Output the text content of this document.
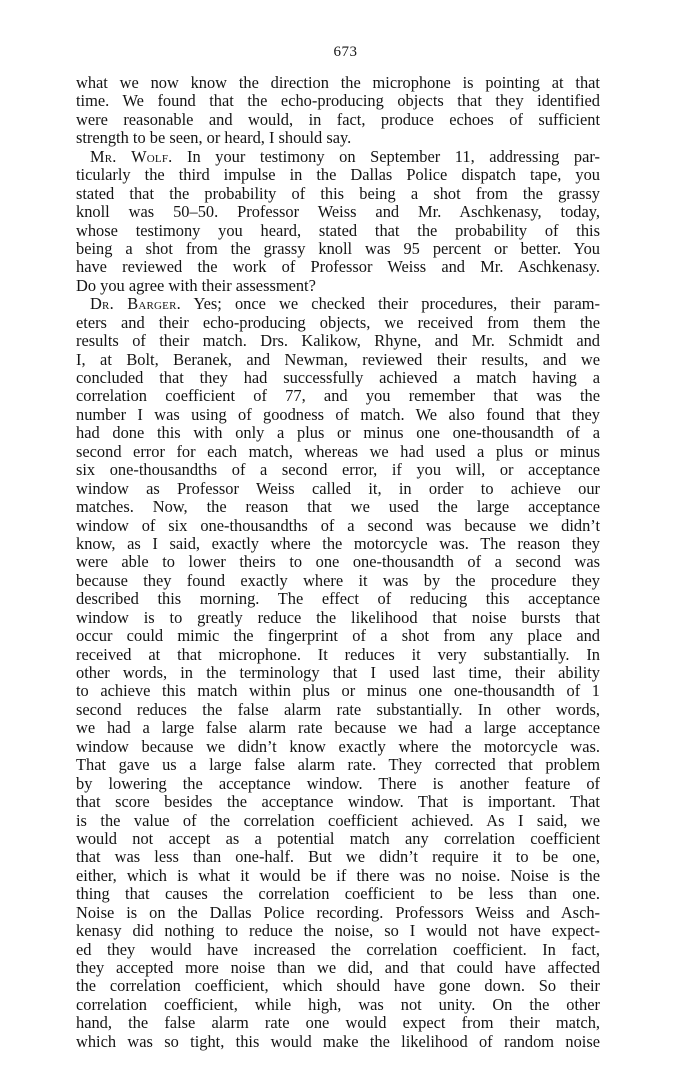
673
what we now know the direction the microphone is pointing at that
time. We found that the echo-producing objects that they identified
were reasonable and would, in fact, produce echoes of sufficient
strength to be seen, or heard, I should say.
Mr. Wolf. In your testimony on September 11, addressing par-
ticularly the third impulse in the Dallas Police dispatch tape, you
stated that the probability of this being a shot from the grassy
knoll was 50–50. Professor Weiss and Mr. Aschkenasy, today,
whose testimony you heard, stated that the probability of this
being a shot from the grassy knoll was 95 percent or better. You
have reviewed the work of Professor Weiss and Mr. Aschkenasy.
Do you agree with their assessment?
Dr. Barger. Yes; once we checked their procedures, their param-
eters and their echo-producing objects, we received from them the
results of their match. Drs. Kalikow, Rhyne, and Mr. Schmidt and
I, at Bolt, Beranek, and Newman, reviewed their results, and we
concluded that they had successfully achieved a match having a
correlation coefficient of 77, and you remember that was the
number I was using of goodness of match. We also found that they
had done this with only a plus or minus one one-thousandth of a
second error for each match, whereas we had used a plus or minus
six one-thousandths of a second error, if you will, or acceptance
window as Professor Weiss called it, in order to achieve our
matches. Now, the reason that we used the large acceptance
window of six one-thousandths of a second was because we didn’t
know, as I said, exactly where the motorcycle was. The reason they
were able to lower theirs to one one-thousandth of a second was
because they found exactly where it was by the procedure they
described this morning. The effect of reducing this acceptance
window is to greatly reduce the likelihood that noise bursts that
occur could mimic the fingerprint of a shot from any place and
received at that microphone. It reduces it very substantially. In
other words, in the terminology that I used last time, their ability
to achieve this match within plus or minus one one-thousandth of 1
second reduces the false alarm rate substantially. In other words,
we had a large false alarm rate because we had a large acceptance
window because we didn’t know exactly where the motorcycle was.
That gave us a large false alarm rate. They corrected that problem
by lowering the acceptance window. There is another feature of
that score besides the acceptance window. That is important. That
is the value of the correlation coefficient achieved. As I said, we
would not accept as a potential match any correlation coefficient
that was less than one-half. But we didn’t require it to be one,
either, which is what it would be if there was no noise. Noise is the
thing that causes the correlation coefficient to be less than one.
Noise is on the Dallas Police recording. Professors Weiss and Asch-
kenasy did nothing to reduce the noise, so I would not have expect-
ed they would have increased the correlation coefficient. In fact,
they accepted more noise than we did, and that could have affected
the correlation coefficient, which should have gone down. So their
correlation coefficient, while high, was not unity. On the other
hand, the false alarm rate one would expect from their match,
which was so tight, this would make the likelihood of random noise
